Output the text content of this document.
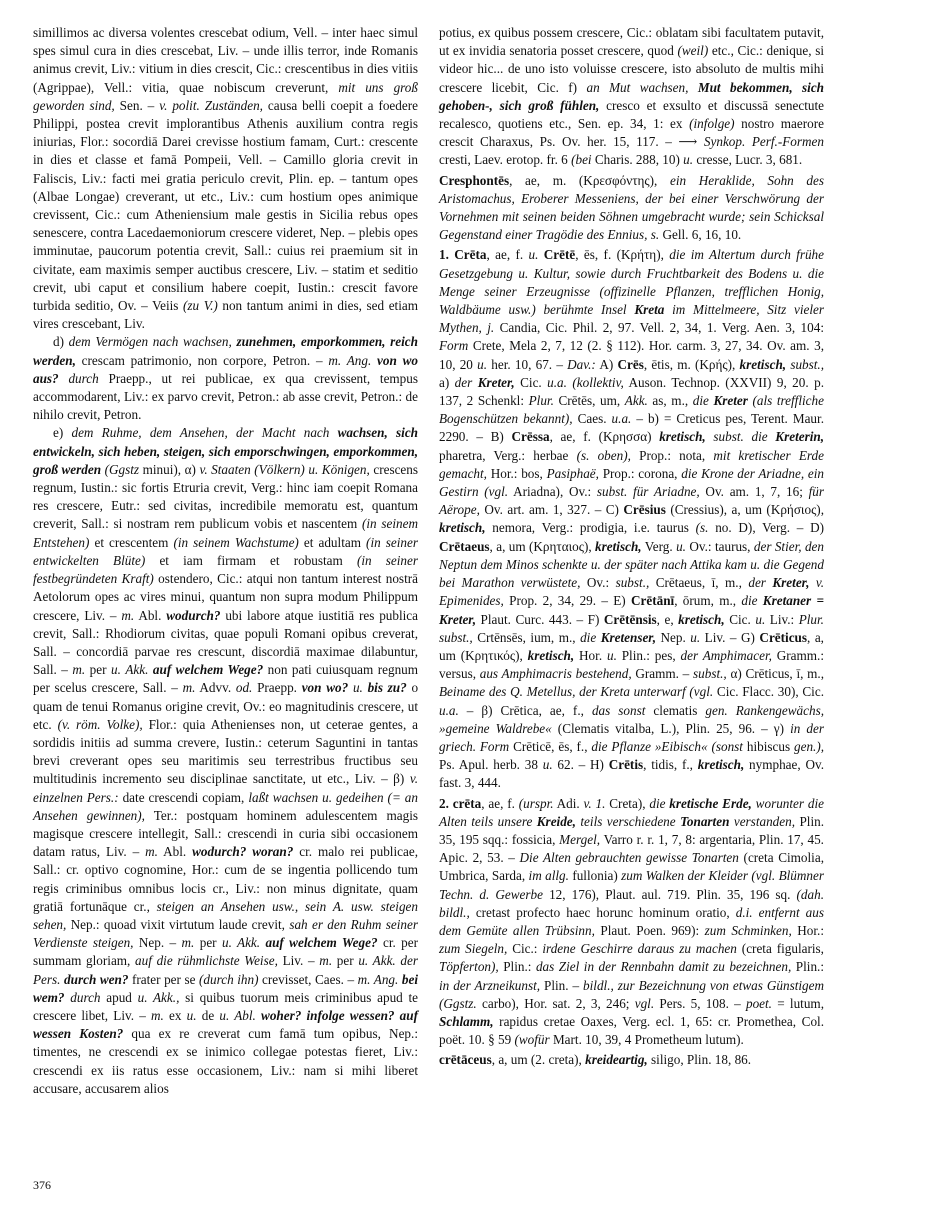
simillimos ac diversa volentes crescebat odium, Vell. – inter haec simul spes simul cura in dies crescebat, Liv. – unde illis terror, inde Romanis animus crevit, Liv.: vitium in dies crescit, Cic.: crescentibus in dies vitiis (Agrippae), Vell.: vitia, quae nobiscum creverunt, mit uns groß geworden sind, Sen. – v. polit. Zuständen, causa belli coepit a foedere Philippi, postea crevit implorantibus Athenis auxilium contra regis iniurias, Flor.: socordiā Darei crevisse hostium famam, Curt.: crescente in dies et classe et famā Pompeii, Vell. – Camillo gloria crevit in Faliscis, Liv.: facti mei gratia periculo crevit, Plin. ep. – tantum opes (Albae Longae) creverant, ut etc., Liv.: cum hostium opes animique crevissent, Cic.: cum Atheniensium male gestis in Sicilia rebus opes senescere, contra Lacedaemoniorum crescere videret, Nep. – plebis opes imminutae, paucorum potentia crevit, Sall.: cuius rei praemium sit in civitate, eam maximis semper auctibus crescere, Liv. – statim et seditio crevit, ubi caput et consilium habere coepit, Iustin.: crescit favore turbida seditio, Ov. – Veiis (zu V.) non tantum animi in dies, sed etiam vires crescebant, Liv.

d) dem Vermögen nach wachsen, zunehmen, emporkommen, reich werden, crescam patrimonio, non corpore, Petron. – m. Ang. von wo aus? durch Praepp., ut rei publicae, ex qua crevissent, tempus accommodarent, Liv.: ex parvo crevit, Petron.: ab asse crevit, Petron.: de nihilo crevit, Petron.

e) dem Ruhme, dem Ansehen, der Macht nach wachsen, sich entwickeln, sich heben, steigen, sich emporschwingen, emporkommen, groß werden (Ggstz minui), α) v. Staaten (Völkern) u. Königen, crescens regnum, Iustin.: sic fortis Etruria crevit, Verg.: hinc iam coepit Romana res crescere, Eutr.: sed civitas, incredibile memoratu est, quantum creverit, Sall.: si nostram rem publicum vobis et nascentem (in seinem Entstehen) et crescentem (in seinem Wachstume) et adultam (in seiner entwickelten Blüte) et iam firmam et robustam (in seiner festbegründeten Kraft) ostendero, Cic.: atqui non tantum interest nostrā Aetolorum opes ac vires minui, quantum non supra modum Philippum crescere, Liv. – m. Abl. wodurch? ubi labore atque iustitiā res publica crevit, Sall.: Rhodiorum civitas, quae populi Romani opibus creverat, Sall. – concordiā parvae res crescunt, discordiā maximae dilabuntur, Sall. – m. per u. Akk. auf welchem Wege? non pati cuiusquam regnum per scelus crescere, Sall. – m. Advv. od. Praepp. von wo? u. bis zu? o quam de tenui Romanus origine crevit, Ov.: eo magnitudinis crescere, ut etc. (v. röm. Volke), Flor.: quia Athenienses non, ut ceterae gentes, a sordidis initiis ad summa crevere, Iustin.: ceterum Saguntini in tantas brevi creverant opes seu maritimis seu terrestribus fructibus seu multitudinis incremento seu disciplinae sanctitate, ut etc., Liv. – β) v. einzelnen Pers.: date crescendi copiam, laßt wachsen u. gedeihen (= an Ansehen gewinnen), Ter.: postquam hominem adulescentem magis magisque crescere intellegit, Sall.: crescendi in curia sibi occasionem datam ratus, Liv. – m. Abl. wodurch? woran? cr. malo rei publicae, Sall.: cr. optivo cognomine, Hor.: cum de se ingentia pollicendo tum regis criminibus omnibus locis cr., Liv.: non minus dignitate, quam gratiā fortunāque cr., steigen an Ansehen usw., sein A. usw. steigen sehen, Nep.: quoad vixit virtutum laude crevit, sah er den Ruhm seiner Verdienste steigen, Nep. – m. per u. Akk. auf welchem Wege? cr. per summam gloriam, auf die rühmlichste Weise, Liv. – m. per u. Akk. der Pers. durch wen? frater per se (durch ihn) crevisset, Caes. – m. Ang. bei wem? durch apud u. Akk., si quibus tuorum meis criminibus apud te crescere libet, Liv. – m. ex u. de u. Abl. woher? infolge wessen? auf wessen Kosten? qua ex re creverat cum famā tum opibus, Nep.: timentes, ne crescendi ex se inimico collegae potestas fieret, Liv.: crescendi ex iis ratus esse occasionem, Liv.: nam si mihi liberet accusare, accusarem alios

potius, ex quibus possem crescere, Cic.: oblatam sibi facultatem putavit, ut ex invidia senatoria posset crescere, quod (weil) etc., Cic.: denique, si videor hic... de uno isto voluisse crescere, isto absoluto de multis mihi crescere licebit, Cic. f) an Mut wachsen, Mut bekommen, sich gehoben-, sich groß fühlen, cresco et exsulto et discussā senectute recalesco, quotiens etc., Sen. ep. 34, 1: ex (infolge) nostro maerore crescit Charaxus, Ps. Ov. her. 15, 117. – ⟶ Synkop. Perf.-Formen cresti, Laev. erotop. fr. 6 (bei Charis. 288, 10) u. cresse, Lucr. 3, 681.

Cresphontēs, ae, m. (Κρεσφόντης), ein Heraklide, Sohn des Aristomachus, Eroberer Messeniens, der bei einer Verschwörung der Vornehmen mit seinen beiden Söhnen umgebracht wurde; sein Schicksal Gegenstand einer Tragödie des Ennius, s. Gell. 6, 16, 10.

1. Crēta, ae, f. u. Crētē, ēs, f. (Κρήτη), die im Altertum durch frühe Gesetzgebung u. Kultur, sowie durch Fruchtbarkeit des Bodens u. die Menge seiner Erzeugnisse (offizinelle Pflanzen, trefflichen Honig, Waldbäume usw.) berühmte Insel Kreta im Mittelmeere, Sitz vieler Mythen, j. Candia, Cic. Phil. 2, 97. Vell. 2, 34, 1. Verg. Aen. 3, 104: Form Crete, Mela 2, 7, 12 (2. § 112). Hor. carm. 3, 27, 34. Ov. am. 3, 10, 20 u. her. 10, 67. – Dav.: A) Crēs, ētis, m. (Κρής), kretisch, subst., a) der Kreter, Cic. u.a. (kollektiv, Auson. Technop. (XXVII) 9, 20. p. 137, 2 Schenkl: Plur. Crētēs, um, Akk. as, m., die Kreter (als treffliche Bogenschützen bekannt), Caes. u.a. – b) = Creticus pes, Terent. Maur. 2290. – B) Crēssa, ae, f. (Κρησσα) kretisch, subst. die Kreterin, pharetra, Verg.: herbae (s. oben), Prop.: nota, mit kretischer Erde gemacht, Hor.: bos, Pasiphaë, Prop.: corona, die Krone der Ariadne, ein Gestirn (vgl. Ariadna), Ov.: subst. für Ariadne, Ov. am. 1, 7, 16; für Aërope, Ov. art. am. 1, 327. – C) Crēsius (Cressius), a, um (Κρήσιος), kretisch, nemora, Verg.: prodigia, i.e. taurus (s. no. D), Verg. – D) Crētaeus, a, um (Κρηταιος), kretisch, Verg. u. Ov.: taurus, der Stier, den Neptun dem Minos schenkte u. der später nach Attika kam u. die Gegend bei Marathon verwüstete, Ov.: subst., Crētaeus, ī, m., der Kreter, v. Epimenides, Prop. 2, 34, 29. – E) Crētānī, ōrum, m., die Kretaner = Kreter, Plaut. Curc. 443. – F) Crētēnsis, e, kretisch, Cic. u. Liv.: Plur. subst., Crtēnsēs, ium, m., die Kretenser, Nep. u. Liv. – G) Crēticus, a, um (Κρητικός), kretisch, Hor. u. Plin.: pes, der Amphimacer, Gramm.: versus, aus Amphimacris bestehend, Gramm. – subst., α) Crēticus, ī, m., Beiname des Q. Metellus, der Kreta unterwarf (vgl. Cic. Flacc. 30), Cic. u.a. – β) Crētica, ae, f., das sonst clematis gen. Rankengewächs, »gemeine Waldrebe« (Clematis vitalba, L.), Plin. 25, 96. – γ) in der griech. Form Crēticē, ēs, f., die Pflanze »Eibisch« (sonst hibiscus gen.), Ps. Apul. herb. 38 u. 62. – H) Crētis, tidis, f., kretisch, nymphae, Ov. fast. 3, 444.

2. crēta, ae, f. (urspr. Adi. v. 1. Creta), die kretische Erde, worunter die Alten teils unsere Kreide, teils verschiedene Tonarten verstanden, Plin. 35, 195 sqq.: fossicia, Mergel, Varro r. r. 1, 7, 8: argentaria, Plin. 17, 45. Apic. 2, 53. – Die Alten gebrauchten gewisse Tonarten (creta Cimolia, Umbrica, Sarda, im allg. fullonia) zum Walken der Kleider (vgl. Blümner Techn. d. Gewerbe 12, 176), Plaut. aul. 719. Plin. 35, 196 sq. (dah. bildl., cretast profecto haec horunc hominum oratio, d.i. entfernt aus dem Gemüte allen Trübsinn, Plaut. Poen. 969): zum Schminken, Hor.: zum Siegeln, Cic.: irdene Geschirre daraus zu machen (creta figularis, Töpferton), Plin.: das Ziel in der Rennbahn damit zu bezeichnen, Plin.: in der Arzneikunst, Plin. – bildl., zur Bezeichnung von etwas Günstigem (Ggstz. carbo), Hor. sat. 2, 3, 246; vgl. Pers. 5, 108. – poet. = lutum, Schlamm, rapidus cretae Oaxes, Verg. ecl. 1, 65: cr. Promethea, Col. poët. 10. § 59 (wofür Mart. 10, 39, 4 Prometheum lutum).

crētāceus, a, um (2. creta), kreideartig, siligo, Plin. 18, 86.

376
